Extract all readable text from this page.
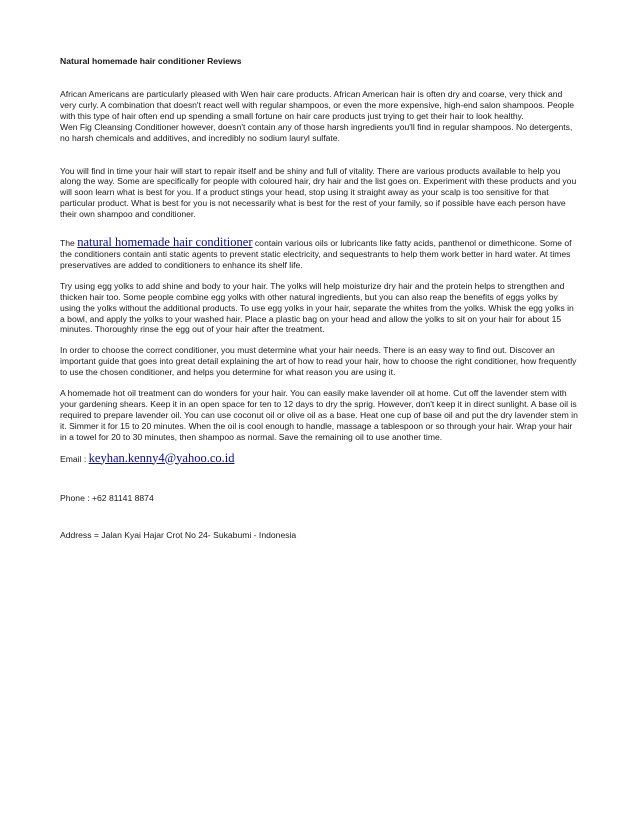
Natural homemade hair conditioner Reviews

African Americans are particularly pleased with Wen hair care products. African American hair is often dry and coarse, very thick and very curly. A combination that doesn't react well with regular shampoos, or even the more expensive, high-end salon shampoos. People with this type of hair often end up spending a small fortune on hair care products just trying to get their hair to look healthy.

Wen Fig Cleansing Conditioner however, doesn't contain any of those harsh ingredients you'll find in regular shampoos. No detergents, no harsh chemicals and additives, and incredibly no sodium lauryl sulfate.

You will find in time your hair will start to repair itself and be shiny and full of vitality. There are various products available to help you along the way. Some are specifically for people with coloured hair, dry hair and the list goes on. Experiment with these products and you will soon learn what is best for you. If a product stings your head, stop using it straight away as your scalp is too sensitive for that particular product. What is best for you is not necessarily what is best for the rest of your family, so if possible have each person have their own shampoo and conditioner.

The natural homemade hair conditioner contain various oils or lubricants like fatty acids, panthenol or dimethicone. Some of the conditioners contain anti static agents to prevent static electricity, and sequestrants to help them work better in hard water. At times preservatives are added to conditioners to enhance its shelf life.

Try using egg yolks to add shine and body to your hair. The yolks will help moisturize dry hair and the protein helps to strengthen and thicken hair too. Some people combine egg yolks with other natural ingredients, but you can also reap the benefits of eggs yolks by using the yolks without the additional products. To use egg yolks in your hair, separate the whites from the yolks. Whisk the egg yolks in a bowl, and apply the yolks to your washed hair. Place a plastic bag on your head and allow the yolks to sit on your hair for about 15 minutes. Thoroughly rinse the egg out of your hair after the treatment.

In order to choose the correct conditioner, you must determine what your hair needs. There is an easy way to find out. Discover an important guide that goes into great detail explaining the art of how to read your hair, how to choose the right conditioner, how frequently to use the chosen conditioner, and helps you determine for what reason you are using it.

A homemade hot oil treatment can do wonders for your hair. You can easily make lavender oil at home. Cut off the lavender stem with your gardening shears. Keep it in an open space for ten to 12 days to dry the sprig. However, don't keep it in direct sunlight. A base oil is required to prepare lavender oil. You can use coconut oil or olive oil as a base. Heat one cup of base oil and put the dry lavender stem in it. Simmer it for 15 to 20 minutes. When the oil is cool enough to handle, massage a tablespoon or so through your hair. Wrap your hair in a towel for 20 to 30 minutes, then shampoo as normal. Save the remaining oil to use another time.

Email : keyhan.kenny4@yahoo.co.id
Phone : +62 81141 8874
Address = Jalan Kyai Hajar Crot No 24- Sukabumi - Indonesia
